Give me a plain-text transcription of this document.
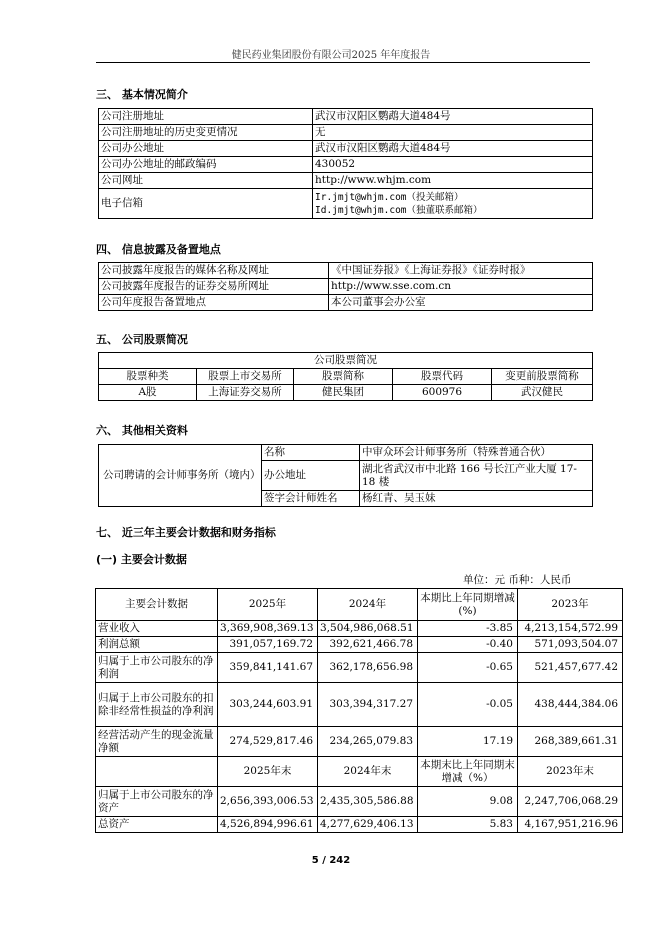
健民药业集团股份有限公司2025 年年度报告
三、 基本情况简介
公司注册地址	武汉市汉阳区鹦鹉大道484号
公司注册地址的历史变更情况	无
公司办公地址	武汉市汉阳区鹦鹉大道484号
公司办公地址的邮政编码	430052
公司网址	http://www.whjm.com
电子信箱	Ir.jmjt@whjm.com（投关邮箱）
Id.jmjt@whjm.com（独董联系邮箱）
四、 信息披露及备置地点
公司披露年度报告的媒体名称及网址	《中国证券报》《上海证券报》《证券时报》
公司披露年度报告的证券交易所网址	http://www.sse.com.cn
公司年度报告备置地点	本公司董事会办公室
五、 公司股票简况
公司股票简况				
股票种类	股票上市交易所	股票简称	股票代码	变更前股票简称
A股	上海证券交易所	健民集团	600976	武汉健民
六、 其他相关资料
公司聘请的会计师事务所（境内）	名称	中审众环会计师事务所（特殊普通合伙）
	办公地址	湖北省武汉市中北路 166 号长江产业大厦 17-18 楼
	签字会计师姓名	杨红青、吴玉妹
七、 近三年主要会计数据和财务指标
(一) 主要会计数据
单位：元 币种：人民币
主要会计数据	2025年	2024年	本期比上年同期增减(%)	2023年
营业收入	3,369,908,369.13	3,504,986,068.51	-3.85	4,213,154,572.99
利润总额	391,057,169.72	392,621,466.78	-0.40	571,093,504.07
归属于上市公司股东的净利润	359,841,141.67	362,178,656.98	-0.65	521,457,677.42
归属于上市公司股东的扣除非经常性损益的净利润	303,244,603.91	303,394,317.27	-0.05	438,444,384.06
经营活动产生的现金流量净额	274,529,817.46	234,265,079.83	17.19	268,389,661.31
	2025年末	2024年末	本期末比上年同期末增减（%）	2023年末
归属于上市公司股东的净资产	2,656,393,006.53	2,435,305,586.88	9.08	2,247,706,068.29
总资产	4,526,894,996.61	4,277,629,406.13	5.83	4,167,951,216.96
5 / 242
